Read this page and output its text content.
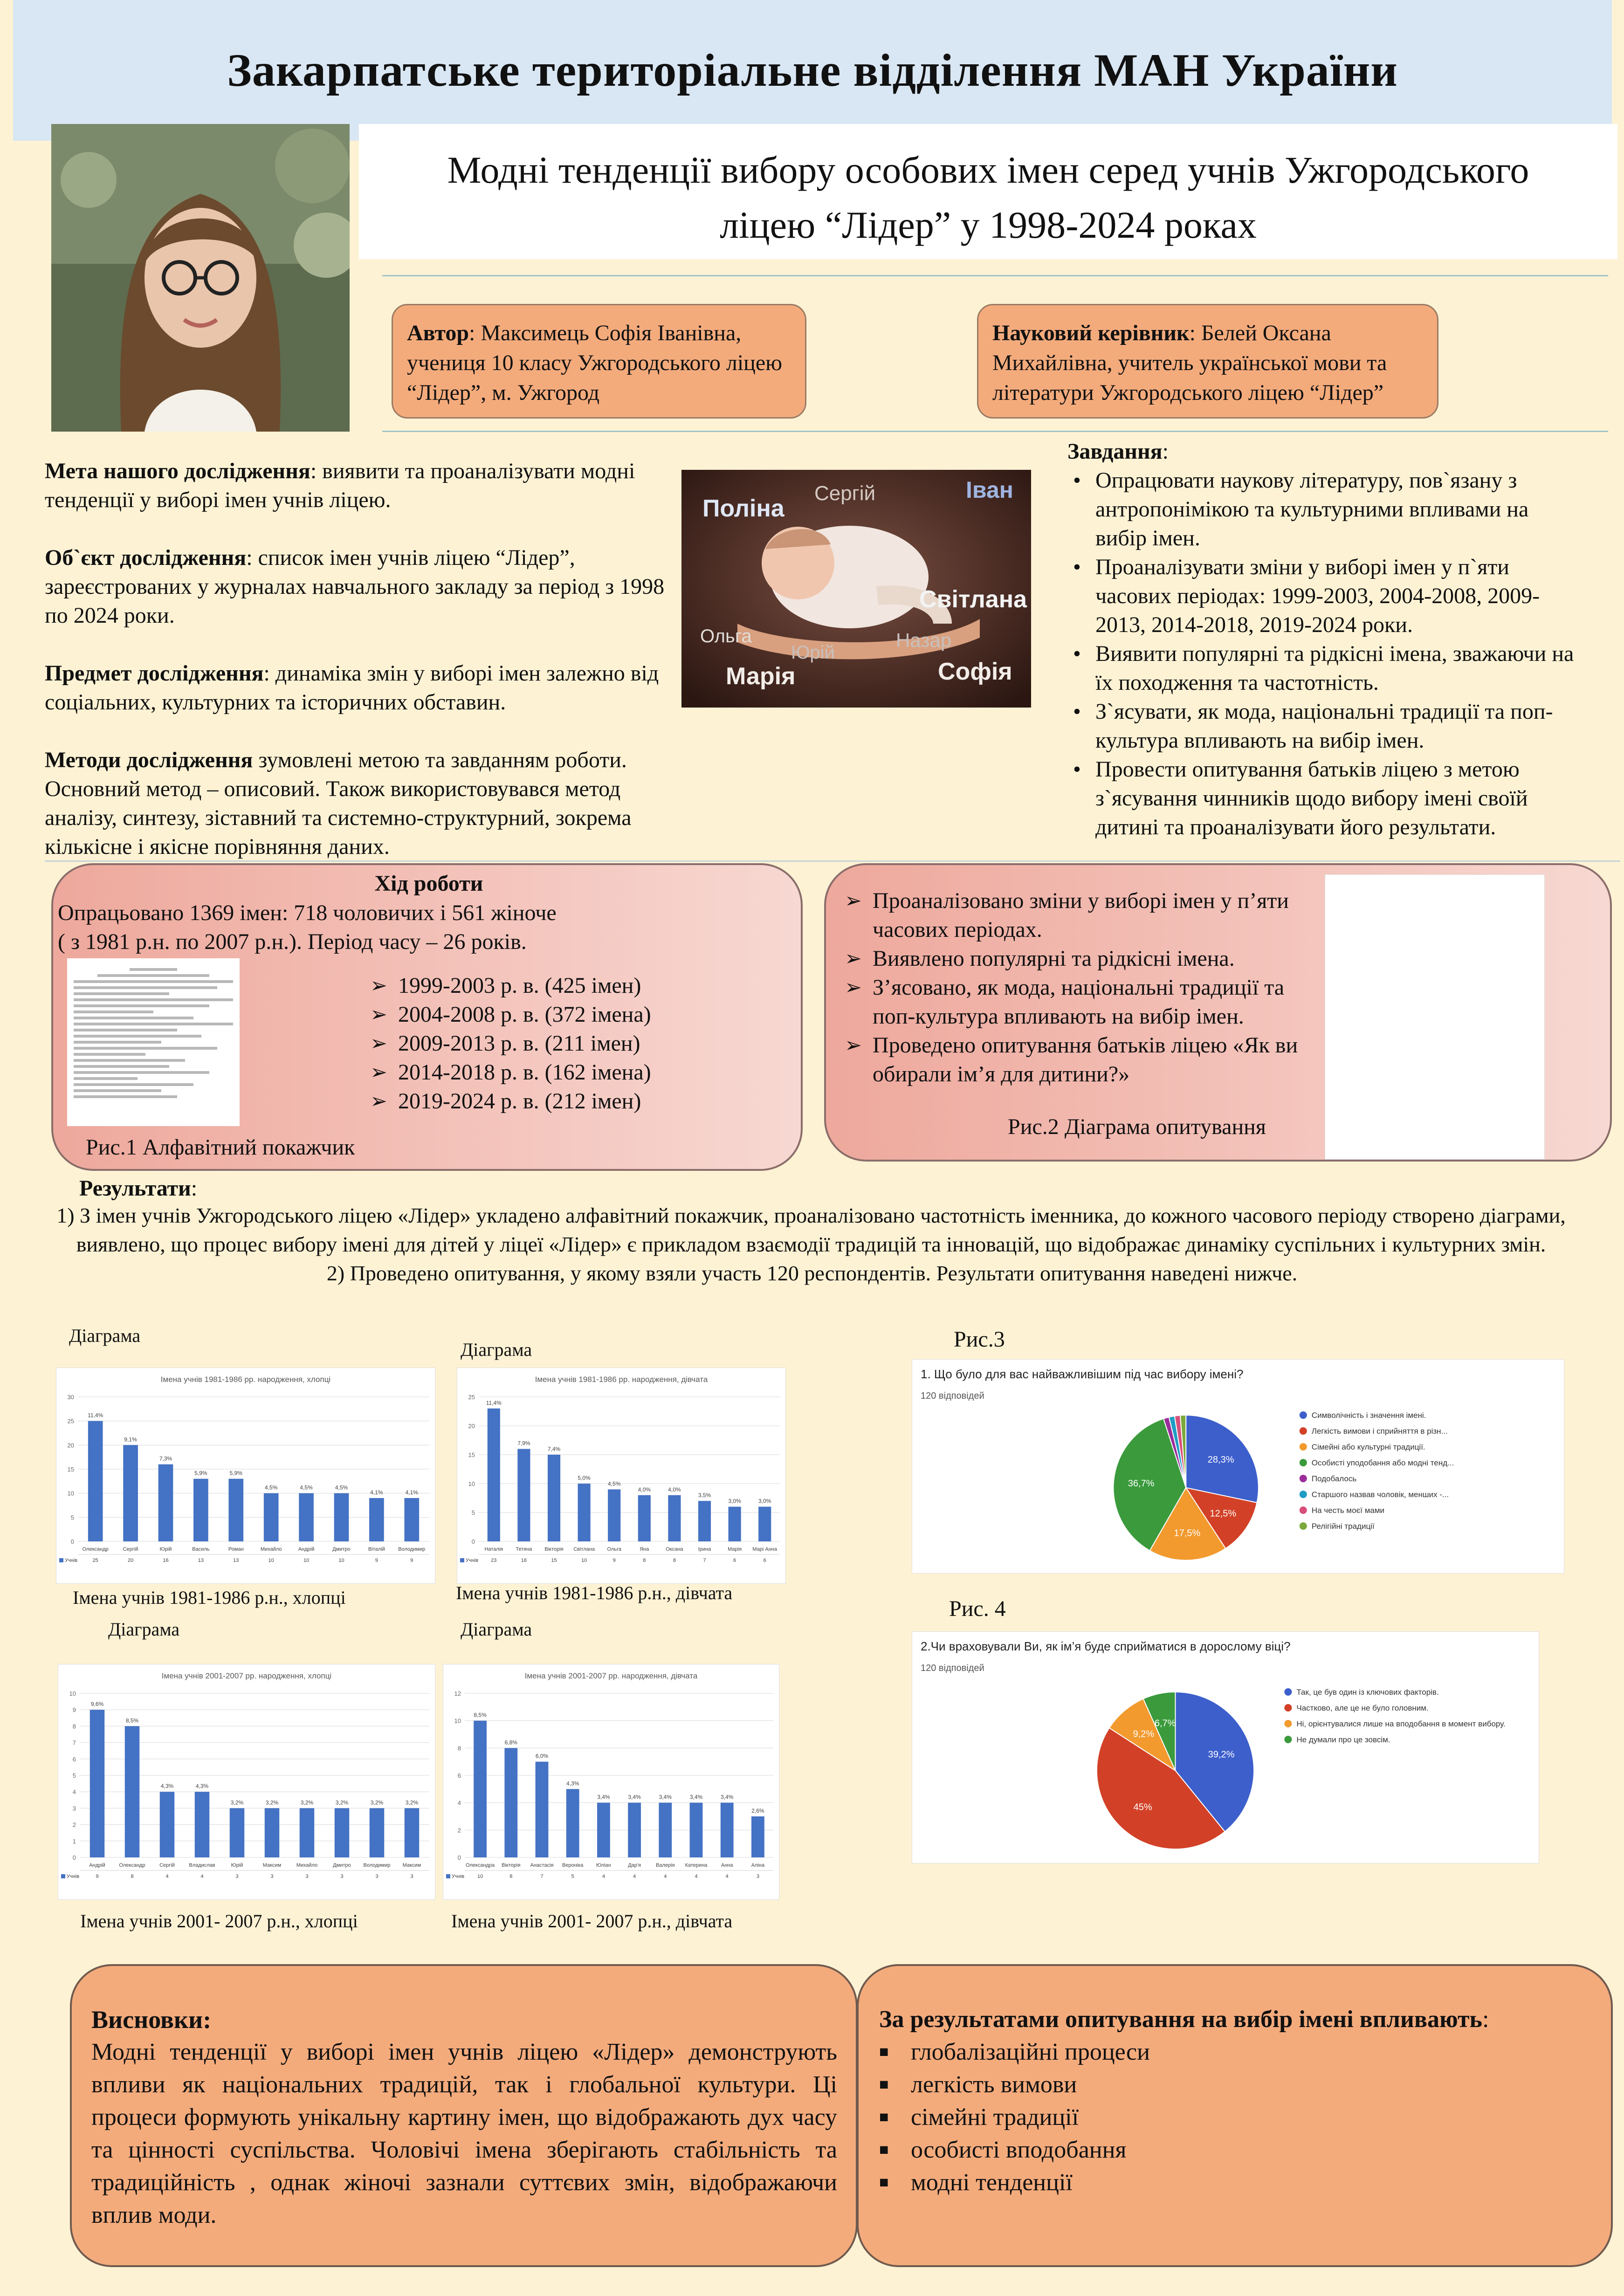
Закарпатське територіальне відділення МАН України
Модні тенденції вибору особових імен серед учнів Ужгородського
ліцею “Лідер” у 1998-2024 роках
Автор: Максимець Софія Іванівна, учениця 10 класу Ужгородського ліцею “Лідер”, м. Ужгород
Науковий керівник: Белей Оксана Михайлівна, учитель української мови та літератури Ужгородського ліцею “Лідер”

Мета нашого дослідження: виявити та проаналізувати модні тенденції у виборі імен учнів ліцею.

Об`єкт дослідження: список імен учнів ліцею “Лідер”, зареєстрованих у журналах навчального закладу за період з 1998 по 2024 роки.

Предмет дослідження: динаміка змін у виборі імен залежно від соціальних, культурних та історичних обставин.

Методи дослідження зумовлені метою та завданням роботи. Основний метод – описовий. Також використовувався метод аналізу, синтезу, зіставний та системно-структурний, зокрема кількісне і якісне порівняння даних.

Поліна
Сергій	Іван
Світлана
Ольга
Юрій
Назар
Марія	Софія
Завдання:
• Опрацювати наукову літературу, пов`язану з антропонімікою та культурними впливами на вибір імен.
• Проаналізувати зміни у виборі імен у п`яти часових періодах: 1999-2003, 2004-2008, 2009-2013, 2014-2018, 2019-2024 роки.
• Виявити популярні та рідкісні імена, зважаючи на їх походження та частотність.
• З`ясувати, як мода, національні традиції та поп-культура впливають на вибір імен.
• Провести опитування батьків ліцею з метою з`ясування чинників щодо вибору імені своїй дитині та проаналізувати його результати.
Хід роботи
Опрацьовано 1369 імен: 718 чоловичих і 561 жіноче
( з 1981 р.н. по 2007 р.н.). Період часу – 26 років.
➢ 1999-2003 р. в. (425 імен)
➢ 2004-2008 р. в. (372 імена)
➢ 2009-2013 р. в. (211 імен)
➢ 2014-2018 р. в. (162 імена)
➢ 2019-2024 р. в. (212 імен)
Рис.1 Алфавітний покажчик
➢ Проаналізовано зміни у виборі імен у п’яти часових періодах.
➢ Виявлено популярні та рідкісні імена.
➢ З’ясовано, як мода, національні традиції та поп-культура впливають на вибір імен.
➢ Проведено опитування батьків ліцею «Як ви обирали ім’я для дитини?»
Рис.2 Діаграма опитування
Результати:
1) З імен учнів Ужгородського ліцею «Лідер» укладено алфавітний покажчик, проаналізовано частотність іменника, до кожного часового періоду створено діаграми, виявлено, що процес вибору імені для дітей у ліцеї «Лідер» є прикладом взаємодії традицій та інновацій, що відображає динаміку суспільних і культурних змін.
2) Проведено опитування, у якому взяли участь 120 респондентів. Результати опитування наведені нижче.
Діаграма
Діаграма
Діаграма	Діаграма
Рис.3
Рис. 4
Імена учнів 1981-1986 рр. народження, хлопці
0
5
10
15
20
25
30
11,4%
Олександр
25
9,1%
Сергій
20
7,3%
Юрій
16
5,9%
Василь
13
5,9%
Роман
13
4,5%
Михайло
10
4,5%
Андрій
10
4,5%
Дмитро
10
4,1%
Віталій
9
4,1%
Володимир
9
Учнів
Імена учнів 1981-1986 рр. народження, дівчата
0
5
10
15
20
25
11,4%
Наталія
23
7,9%
Тетяна
16
7,4%
Вікторія
15
5,0%
Світлана
10
4,5%
Ольга
9
4,0%
Яна
8
4,0%
Оксана
8
3,5%
Ірина
7
3,0%
Марія
6
3,0%
Марі Анна
6
Учнів
Імена учнів 2001-2007 рр. народження, хлопці
0
1
2
3
4
5
6
7
8
9
10
9,6%
Андрій
9
8,5%
Олександр
8
4,3%
Сергій
4
4,3%
Владислав
4
3,2%
Юрій
3
3,2%
Максим
3
3,2%
Михайло
3
3,2%
Дмитро
3
3,2%
Володимир
3
3,2%
Максим
3
Учнів
Імена учнів 2001-2007 рр. народження, дівчата
0
2
4
6
8
10
12
8,5%
Олександра
10
6,8%
Вікторія
8
6,0%
Анастасія
7
4,3%
Вероніка
5
3,4%
Юліан
4
3,4%
Дар'я
4
3,4%
Валерія
4
3,4%
Катерина
4
3,4%
Анна
4
2,6%
Аліна
3
Учнів
Імена учнів 1981-1986 р.н., хлопці	Імена учнів 1981-1986 р.н., дівчата
Імена учнів 2001- 2007 р.н., хлопці	Імена учнів 2001- 2007 р.н., дівчата
1. Що було для вас найважливішим під час вибору імені?
120 відповідей
28,3%
12,5%
17,5%
36,7%
Символічність і значення імені.
Легкість вимови і сприйняття в різн...
Сімейні або культурні традиції.
Особисті уподобання або модні тенд...
Подобалось
Старшого назвав чоловік, менших -...
На честь моєї мами
Релігійні традиції
2.Чи враховували Ви, як ім’я буде сприйматися в дорослому віці?
120 відповідей
39,2%
45%
9,2%
6,7%
Так, це був один із ключових факторів.
Частково, але це не було головним.
Ні, орієнтувалися лише на вподобання в момент вибору.
Не думали про це зовсім.
Висновки:
Модні тенденції у виборі імен учнів ліцею «Лідер» демонструють впливи як національних традицій, так і глобальної культури. Ці процеси формують унікальну картину імен, що відображають дух часу та цінності суспільства. Чоловічі імена зберігають стабільність та традиційність , однак жіночі зазнали суттєвих змін, відображаючи вплив моди.
За результатами опитування на вибір імені впливають:
■ глобалізаційні процеси
■ легкість вимови
■ сімейні традиції
■ особисті вподобання
■ модні тенденції
